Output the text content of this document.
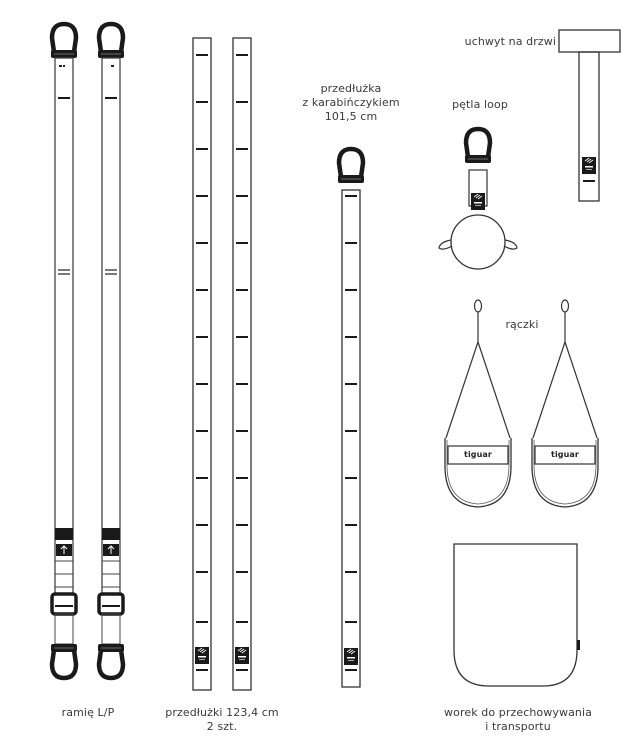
tiguar	tiguar
ramię L/P	przedłużki 123,4 cm
2 szt.
przedłużka
z karabińczykiem
101,5 cm
pętla loop
uchwyt na drzwi
rączki
worek do przechowywania
i transportu
